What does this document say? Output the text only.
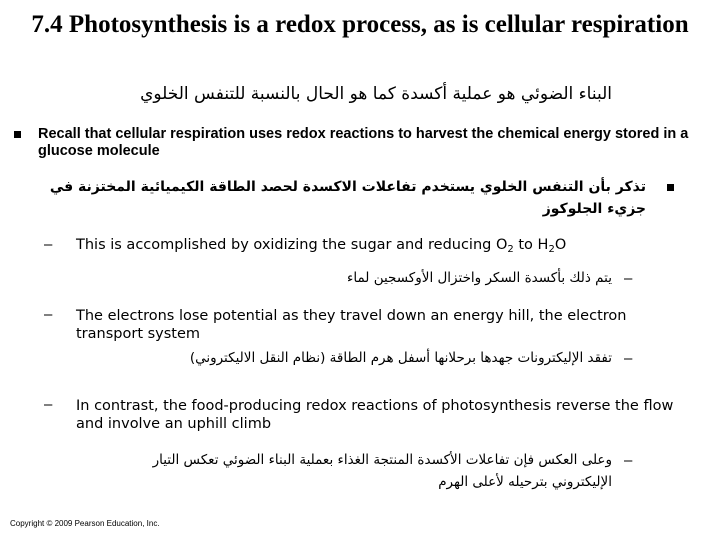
7.4 Photosynthesis is a redox process, as is cellular respiration
البناء الضوئي هو عملية أكسدة كما هو الحال بالنسبة للتنفس الخلوي
Recall that cellular respiration uses redox reactions to harvest the chemical energy stored in a glucose molecule
تذكر بأن التنفس الخلوي يستخدم تفاعلات الاكسدة لحصد الطاقة الكيميائية المختزنة في جزيء الجلوكوز
– This is accomplished by oxidizing the sugar and reducing $O_2$ to $H_2O$
–
يتم ذلك بأكسدة السكر واختزال الأوكسجين لماء
– The electrons lose potential as they travel down an energy hill, the electron transport system
–
تفقد الإليكترونات جهدها برحلانها أسفل هرم الطاقة (نظام النقل الاليكتروني)
– In contrast, the food-producing redox reactions of photosynthesis reverse the flow and involve an uphill climb
–
وعلى العكس فإن تفاعلات الأكسدة المنتجة الغذاء بعملية البناء الضوئي تعكس التيار الإليكتروني بترحيله لأعلى الهرم
Copyright © 2009 Pearson Education, Inc.
